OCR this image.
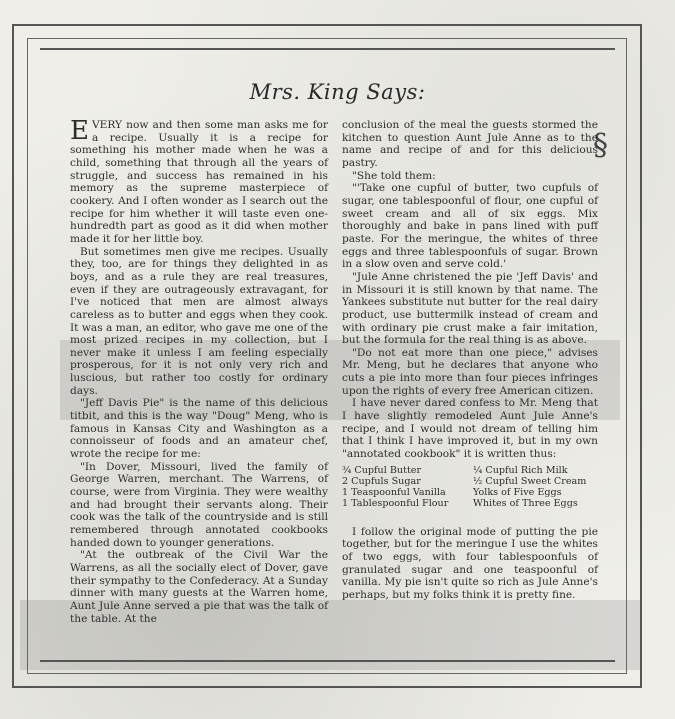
Mrs. King Says:
§

EVERY now and then some man asks me for a recipe. Usually it is a recipe for something his mother made when he was a child, something that through all the years of struggle, and success has remained in his memory as the supreme masterpiece of cookery. And I often wonder as I search out the recipe for him whether it will taste even one-hundredth part as good as it did when mother made it for her little boy.

But sometimes men give me recipes. Usually they, too, are for things they delighted in as boys, and as a rule they are real treasures, even if they are outrageously extravagant, for I've noticed that men are almost always careless as to butter and eggs when they cook. It was a man, an editor, who gave me one of the most prized recipes in my collection, but I never make it unless I am feeling especially prosperous, for it is not only very rich and luscious, but rather too costly for ordinary days.

"Jeff Davis Pie" is the name of this delicious titbit, and this is the way "Doug" Meng, who is famous in Kansas City and Washington as a connoisseur of foods and an amateur chef, wrote the recipe for me:

"In Dover, Missouri, lived the family of George Warren, merchant. The Warrens, of course, were from Virginia. They were wealthy and had brought their servants along. Their cook was the talk of the countryside and is still remembered through annotated cookbooks handed down to younger generations.

"At the outbreak of the Civil War the Warrens, as all the socially elect of Dover, gave their sympathy to the Confederacy. At a Sunday dinner with many guests at the Warren home, Aunt Jule Anne served a pie that was the talk of the table. At the

conclusion of the meal the guests stormed the kitchen to question Aunt Jule Anne as to the name and recipe of and for this delicious pastry.

"She told them:

"'Take one cupful of butter, two cupfuls of sugar, one tablespoonful of flour, one cupful of sweet cream and all of six eggs. Mix thoroughly and bake in pans lined with puff paste. For the meringue, the whites of three eggs and three tablespoonfuls of sugar. Brown in a slow oven and serve cold.'

"Jule Anne christened the pie 'Jeff Davis' and in Missouri it is still known by that name. The Yankees substitute nut butter for the real dairy product, use buttermilk instead of cream and with ordinary pie crust make a fair imitation, but the formula for the real thing is as above.

"Do not eat more than one piece," advises Mr. Meng, but he declares that anyone who cuts a pie into more than four pieces infringes upon the rights of every free American citizen.

I have never dared confess to Mr. Meng that I have slightly remodeled Aunt Jule Anne's recipe, and I would not dream of telling him that I think I have improved it, but in my own "annotated cookbook" it is written thus:

¾ Cupful Butter	¼ Cupful Rich Milk
2 Cupfuls Sugar	½ Cupful Sweet Cream
1 Teaspoonful Vanilla	Yolks of Five Eggs
1 Tablespoonful Flour	Whites of Three Eggs

I follow the original mode of putting the pie together, but for the meringue I use the whites of two eggs, with four tablespoonfuls of granulated sugar and one teaspoonful of vanilla. My pie isn't quite so rich as Jule Anne's perhaps, but my folks think it is pretty fine.
